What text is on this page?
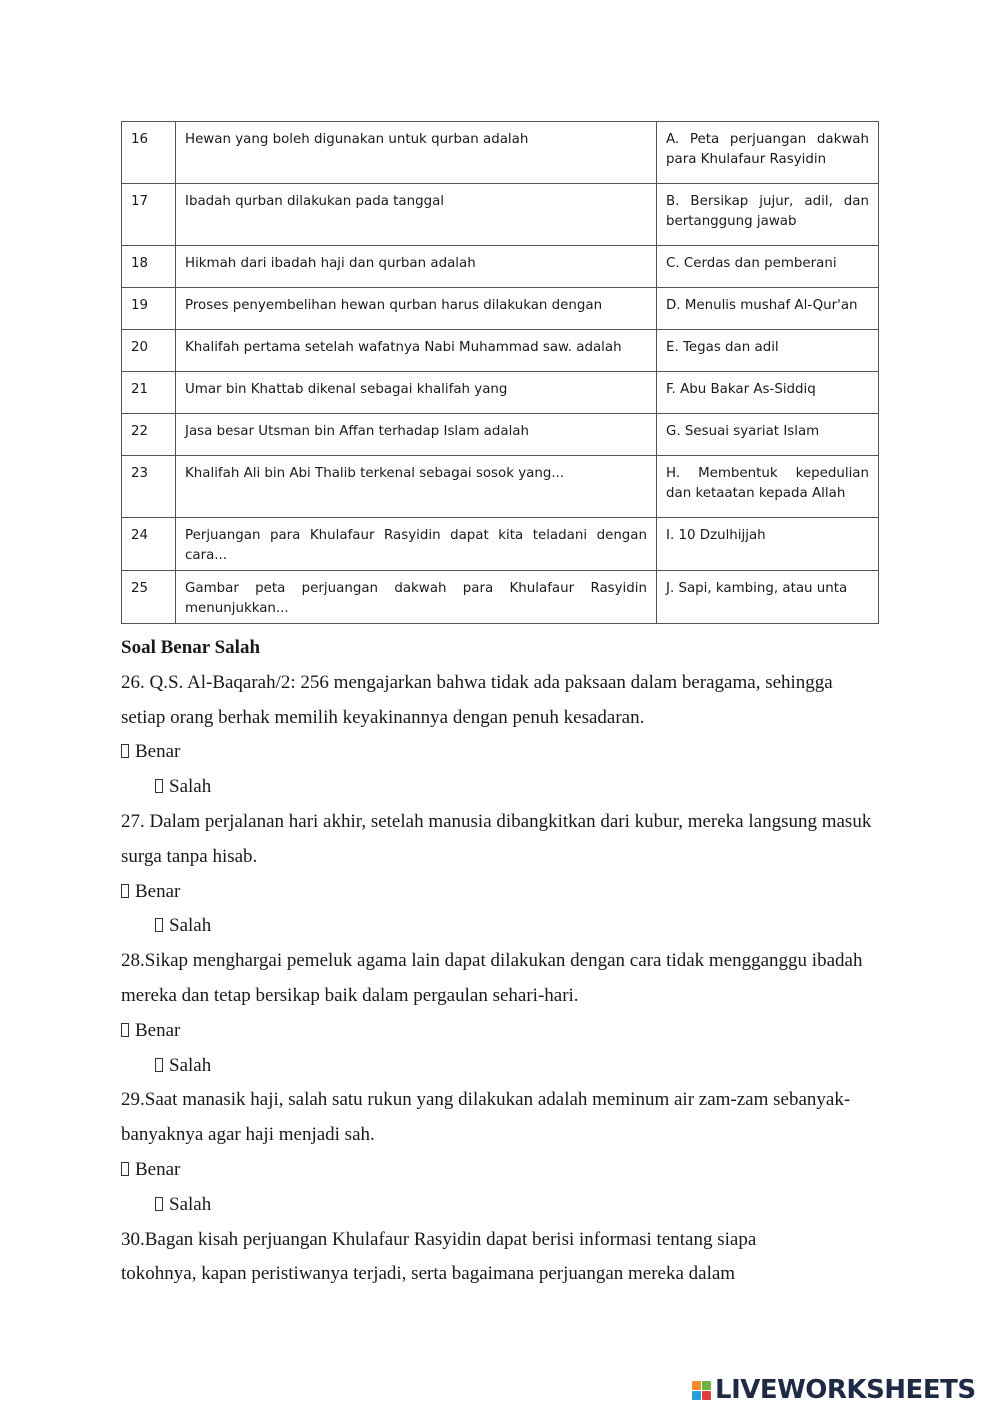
16	Hewan yang boleh digunakan untuk qurban adalah	A. Peta perjuangan dakwah para Khulafaur Rasyidin
17	Ibadah qurban dilakukan pada tanggal	B. Bersikap jujur, adil, dan bertanggung jawab
18	Hikmah dari ibadah haji dan qurban adalah	C. Cerdas dan pemberani
19	Proses penyembelihan hewan qurban harus dilakukan dengan	D. Menulis mushaf Al-Qur'an
20	Khalifah pertama setelah wafatnya Nabi Muhammad saw. adalah	E. Tegas dan adil
21	Umar bin Khattab dikenal sebagai khalifah yang	F. Abu Bakar As-Siddiq
22	Jasa besar Utsman bin Affan terhadap Islam adalah	G. Sesuai syariat Islam
23	Khalifah Ali bin Abi Thalib terkenal sebagai sosok yang...	H. Membentuk kepedulian dan ketaatan kepada Allah
24	Perjuangan para Khulafaur Rasyidin dapat kita teladani dengan cara...	I. 10 Dzulhijjah
25	Gambar peta perjuangan dakwah para Khulafaur Rasyidin menunjukkan...	J. Sapi, kambing, atau unta

Soal Benar Salah

26. Q.S. Al-Baqarah/2: 256 mengajarkan bahwa tidak ada paksaan dalam beragama, sehingga setiap orang berhak memilih keyakinannya dengan penuh kesadaran.

Benar

Salah

27. Dalam perjalanan hari akhir, setelah manusia dibangkitkan dari kubur, mereka langsung masuk surga tanpa hisab.

Benar

Salah

28.Sikap menghargai pemeluk agama lain dapat dilakukan dengan cara tidak mengganggu ibadah mereka dan tetap bersikap baik dalam pergaulan sehari-hari.

Benar

Salah

29.Saat manasik haji, salah satu rukun yang dilakukan adalah meminum air zam-zam sebanyak-banyaknya agar haji menjadi sah.

Benar

Salah

30.Bagan kisah perjuangan Khulafaur Rasyidin dapat berisi informasi tentang siapa

tokohnya, kapan peristiwanya terjadi, serta bagaimana perjuangan mereka dalam

LIVEWORKSHEETS
